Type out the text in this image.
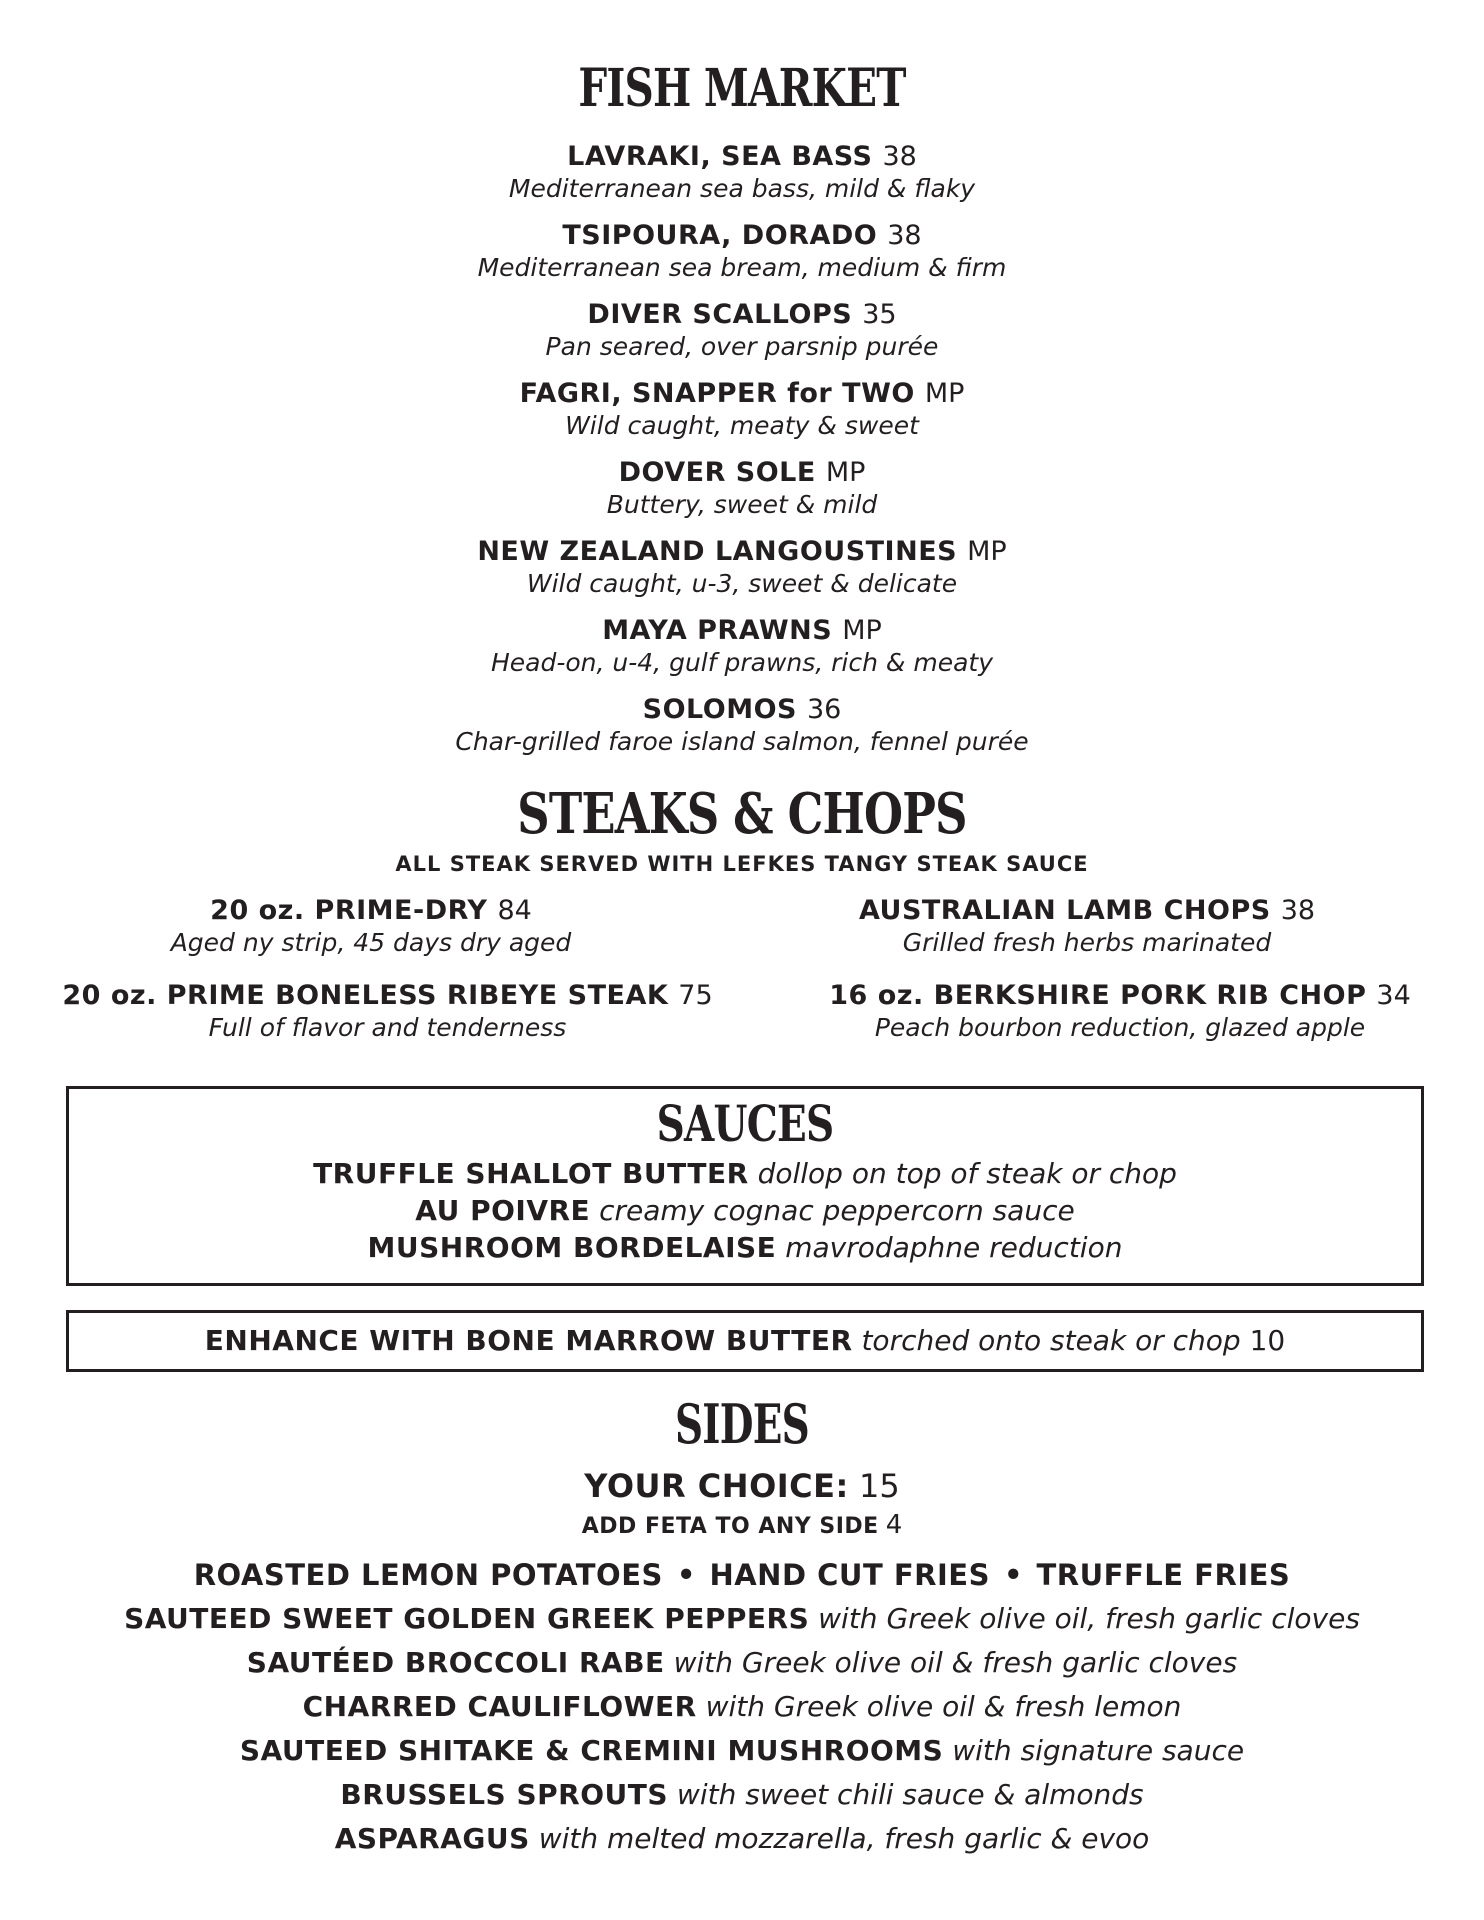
FISH MARKET
LAVRAKI, SEA BASS 38
Mediterranean sea bass, mild & flaky
TSIPOURA, DORADO 38
Mediterranean sea bream, medium & firm
DIVER SCALLOPS 35
Pan seared, over parsnip purée
FAGRI, SNAPPER for TWO MP
Wild caught, meaty & sweet
DOVER SOLE MP
Buttery, sweet & mild
NEW ZEALAND LANGOUSTINES MP
Wild caught, u-3, sweet & delicate
MAYA PRAWNS MP
Head-on, u-4, gulf prawns, rich & meaty
SOLOMOS 36
Char-grilled faroe island salmon, fennel purée
STEAKS & CHOPS
ALL STEAK SERVED WITH LEFKES TANGY STEAK SAUCE
20 oz. PRIME-DRY 84
Aged ny strip, 45 days dry aged
AUSTRALIAN LAMB CHOPS 38
Grilled fresh herbs marinated
20 oz. PRIME BONELESS RIBEYE STEAK 75
Full of flavor and tenderness
16 oz. BERKSHIRE PORK RIB CHOP 34
Peach bourbon reduction, glazed apple
SAUCES
TRUFFLE SHALLOT BUTTER dollop on top of steak or chop
AU POIVRE creamy cognac peppercorn sauce
MUSHROOM BORDELAISE mavrodaphne reduction
ENHANCE WITH BONE MARROW BUTTER torched onto steak or chop 10
SIDES
YOUR CHOICE: 15
ADD FETA TO ANY SIDE 4
ROASTED LEMON POTATOES • HAND CUT FRIES • TRUFFLE FRIES
SAUTEED SWEET GOLDEN GREEK PEPPERS with Greek olive oil, fresh garlic cloves
SAUTÉED BROCCOLI RABE with Greek olive oil & fresh garlic cloves
CHARRED CAULIFLOWER with Greek olive oil & fresh lemon
SAUTEED SHITAKE & CREMINI MUSHROOMS with signature sauce
BRUSSELS SPROUTS with sweet chili sauce & almonds
ASPARAGUS with melted mozzarella, fresh garlic & evoo
